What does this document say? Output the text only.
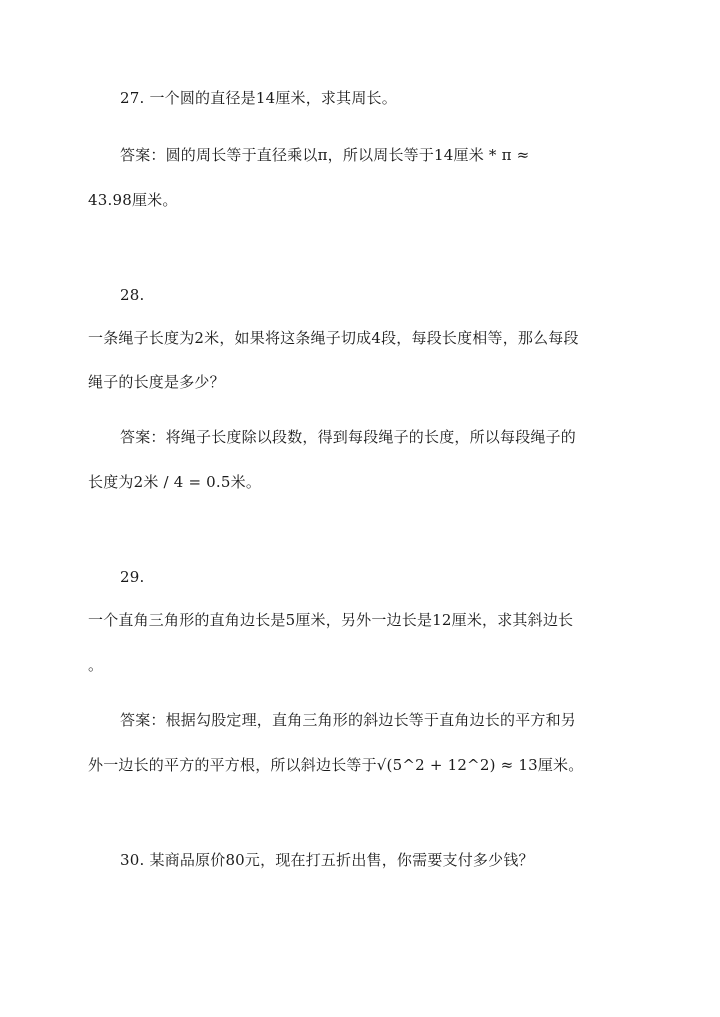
27. 一个圆的直径是14厘米，求其周长。
答案：圆的周长等于直径乘以π，所以周长等于14厘米 * π ≈
43.98厘米。
28.
一条绳子长度为2米，如果将这条绳子切成4段，每段长度相等，那么每段
绳子的长度是多少？
答案：将绳子长度除以段数，得到每段绳子的长度，所以每段绳子的
长度为2米 / 4 = 0.5米。
29.
一个直角三角形的直角边长是5厘米，另外一边长是12厘米，求其斜边长
。
答案：根据勾股定理，直角三角形的斜边长等于直角边长的平方和另
外一边长的平方的平方根，所以斜边长等于√(5^2 + 12^2) ≈ 13厘米。
30. 某商品原价80元，现在打五折出售，你需要支付多少钱？
